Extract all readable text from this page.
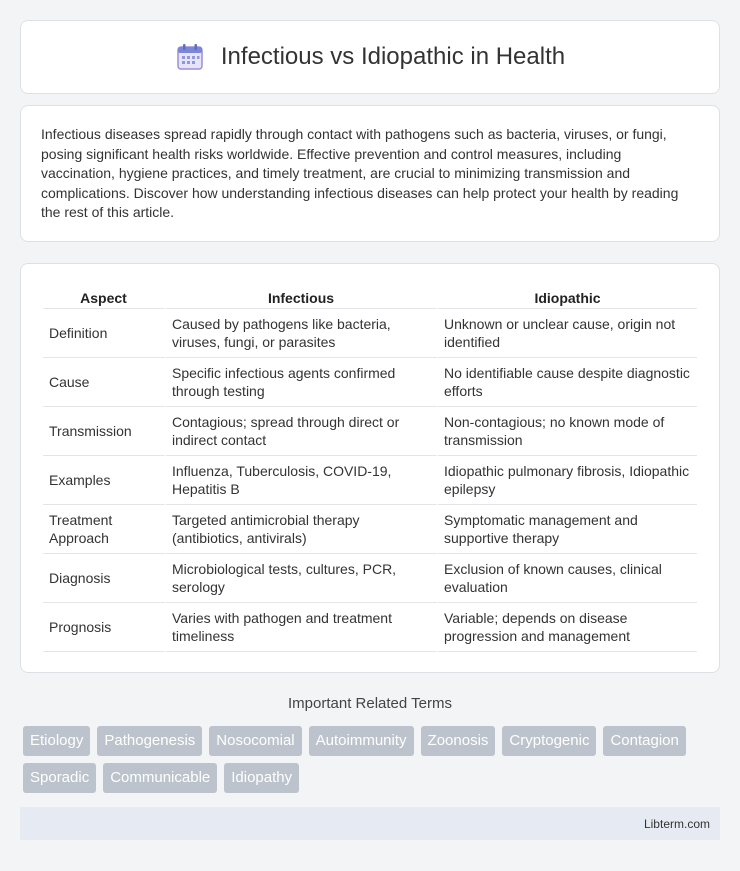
Infectious vs Idiopathic in Health

Infectious diseases spread rapidly through contact with pathogens such as bacteria, viruses, or fungi, posing significant health risks worldwide. Effective prevention and control measures, including vaccination, hygiene practices, and timely treatment, are crucial to minimizing transmission and complications. Discover how understanding infectious diseases can help protect your health by reading the rest of this article.

Aspect	Infectious	Idiopathic
Definition	Caused by pathogens like bacteria, viruses, fungi, or parasites	Unknown or unclear cause, origin not identified
Cause	Specific infectious agents confirmed through testing	No identifiable cause despite diagnostic efforts
Transmission	Contagious; spread through direct or indirect contact	Non-contagious; no known mode of transmission
Examples	Influenza, Tuberculosis, COVID-19, Hepatitis B	Idiopathic pulmonary fibrosis, Idiopathic epilepsy
Treatment Approach	Targeted antimicrobial therapy (antibiotics, antivirals)	Symptomatic management and supportive therapy
Diagnosis	Microbiological tests, cultures, PCR, serology	Exclusion of known causes, clinical evaluation
Prognosis	Varies with pathogen and treatment timeliness	Variable; depends on disease progression and management
Important Related Terms
Etiology	Pathogenesis	Nosocomial	Autoimmunity	Zoonosis	Cryptogenic	Contagion
Sporadic	Communicable	Idiopathy
Libterm.com
